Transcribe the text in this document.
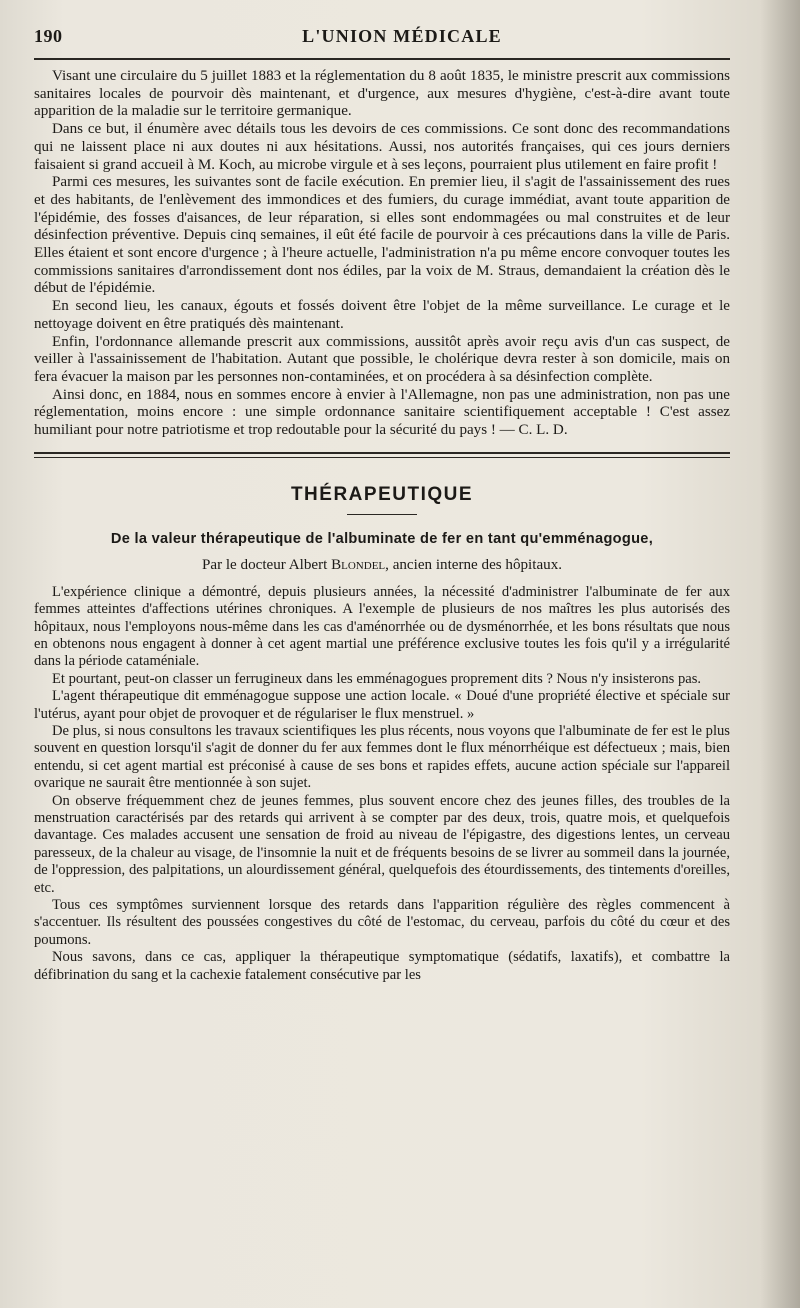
190	L'UNION MÉDICALE

Visant une circulaire du 5 juillet 1883 et la réglementation du 8 août 1835, le ministre prescrit aux commissions sanitaires locales de pourvoir dès maintenant, et d'urgence, aux mesures d'hygiène, c'est-à-dire avant toute apparition de la maladie sur le territoire germanique.

Dans ce but, il énumère avec détails tous les devoirs de ces commissions. Ce sont donc des recommandations qui ne laissent place ni aux doutes ni aux hésitations. Aussi, nos autorités françaises, qui ces jours derniers faisaient si grand accueil à M. Koch, au microbe virgule et à ses leçons, pourraient plus utilement en faire profit !

Parmi ces mesures, les suivantes sont de facile exécution. En premier lieu, il s'agit de l'assainissement des rues et des habitants, de l'enlèvement des immondices et des fumiers, du curage immédiat, avant toute apparition de l'épidémie, des fosses d'aisances, de leur réparation, si elles sont endommagées ou mal construites et de leur désinfection préventive. Depuis cinq semaines, il eût été facile de pourvoir à ces précautions dans la ville de Paris. Elles étaient et sont encore d'urgence ; à l'heure actuelle, l'administration n'a pu même encore convoquer toutes les commissions sanitaires d'arrondissement dont nos édiles, par la voix de M. Straus, demandaient la création dès le début de l'épidémie.

En second lieu, les canaux, égouts et fossés doivent être l'objet de la même surveillance. Le curage et le nettoyage doivent en être pratiqués dès maintenant.

Enfin, l'ordonnance allemande prescrit aux commissions, aussitôt après avoir reçu avis d'un cas suspect, de veiller à l'assainissement de l'habitation. Autant que possible, le cholérique devra rester à son domicile, mais on fera évacuer la maison par les personnes non-contaminées, et on procédera à sa désinfection complète.

Ainsi donc, en 1884, nous en sommes encore à envier à l'Allemagne, non pas une administration, non pas une réglementation, moins encore : une simple ordonnance sanitaire scientifiquement acceptable ! C'est assez humiliant pour notre patriotisme et trop redoutable pour la sécurité du pays ! — C. L. D.

THÉRAPEUTIQUE
De la valeur thérapeutique de l'albuminate de fer en tant qu'emménagogue,
Par le docteur Albert Blondel, ancien interne des hôpitaux.

L'expérience clinique a démontré, depuis plusieurs années, la nécessité d'administrer l'albuminate de fer aux femmes atteintes d'affections utérines chroniques. A l'exemple de plusieurs de nos maîtres les plus autorisés des hôpitaux, nous l'employons nous-même dans les cas d'aménorrhée ou de dysménorrhée, et les bons résultats que nous en obtenons nous engagent à donner à cet agent martial une préférence exclusive toutes les fois qu'il y a irrégularité dans la période cataméniale.

Et pourtant, peut-on classer un ferrugineux dans les emménagogues proprement dits ? Nous n'y insisterons pas.

L'agent thérapeutique dit emménagogue suppose une action locale. « Doué d'une propriété élective et spéciale sur l'utérus, ayant pour objet de provoquer et de régulariser le flux menstruel. »

De plus, si nous consultons les travaux scientifiques les plus récents, nous voyons que l'albuminate de fer est le plus souvent en question lorsqu'il s'agit de donner du fer aux femmes dont le flux ménorrhéique est défectueux ; mais, bien entendu, si cet agent martial est préconisé à cause de ses bons et rapides effets, aucune action spéciale sur l'appareil ovarique ne saurait être mentionnée à son sujet.

On observe fréquemment chez de jeunes femmes, plus souvent encore chez des jeunes filles, des troubles de la menstruation caractérisés par des retards qui arrivent à se compter par des deux, trois, quatre mois, et quelquefois davantage. Ces malades accusent une sensation de froid au niveau de l'épigastre, des digestions lentes, un cerveau paresseux, de la chaleur au visage, de l'insomnie la nuit et de fréquents besoins de se livrer au sommeil dans la journée, de l'oppression, des palpitations, un alourdissement général, quelquefois des étourdissements, des tintements d'oreilles, etc.

Tous ces symptômes surviennent lorsque des retards dans l'apparition régulière des règles commencent à s'accentuer. Ils résultent des poussées congestives du côté de l'estomac, du cerveau, parfois du côté du cœur et des poumons.

Nous savons, dans ce cas, appliquer la thérapeutique symptomatique (sédatifs, laxatifs), et combattre la défibrination du sang et la cachexie fatalement consécutive par les
